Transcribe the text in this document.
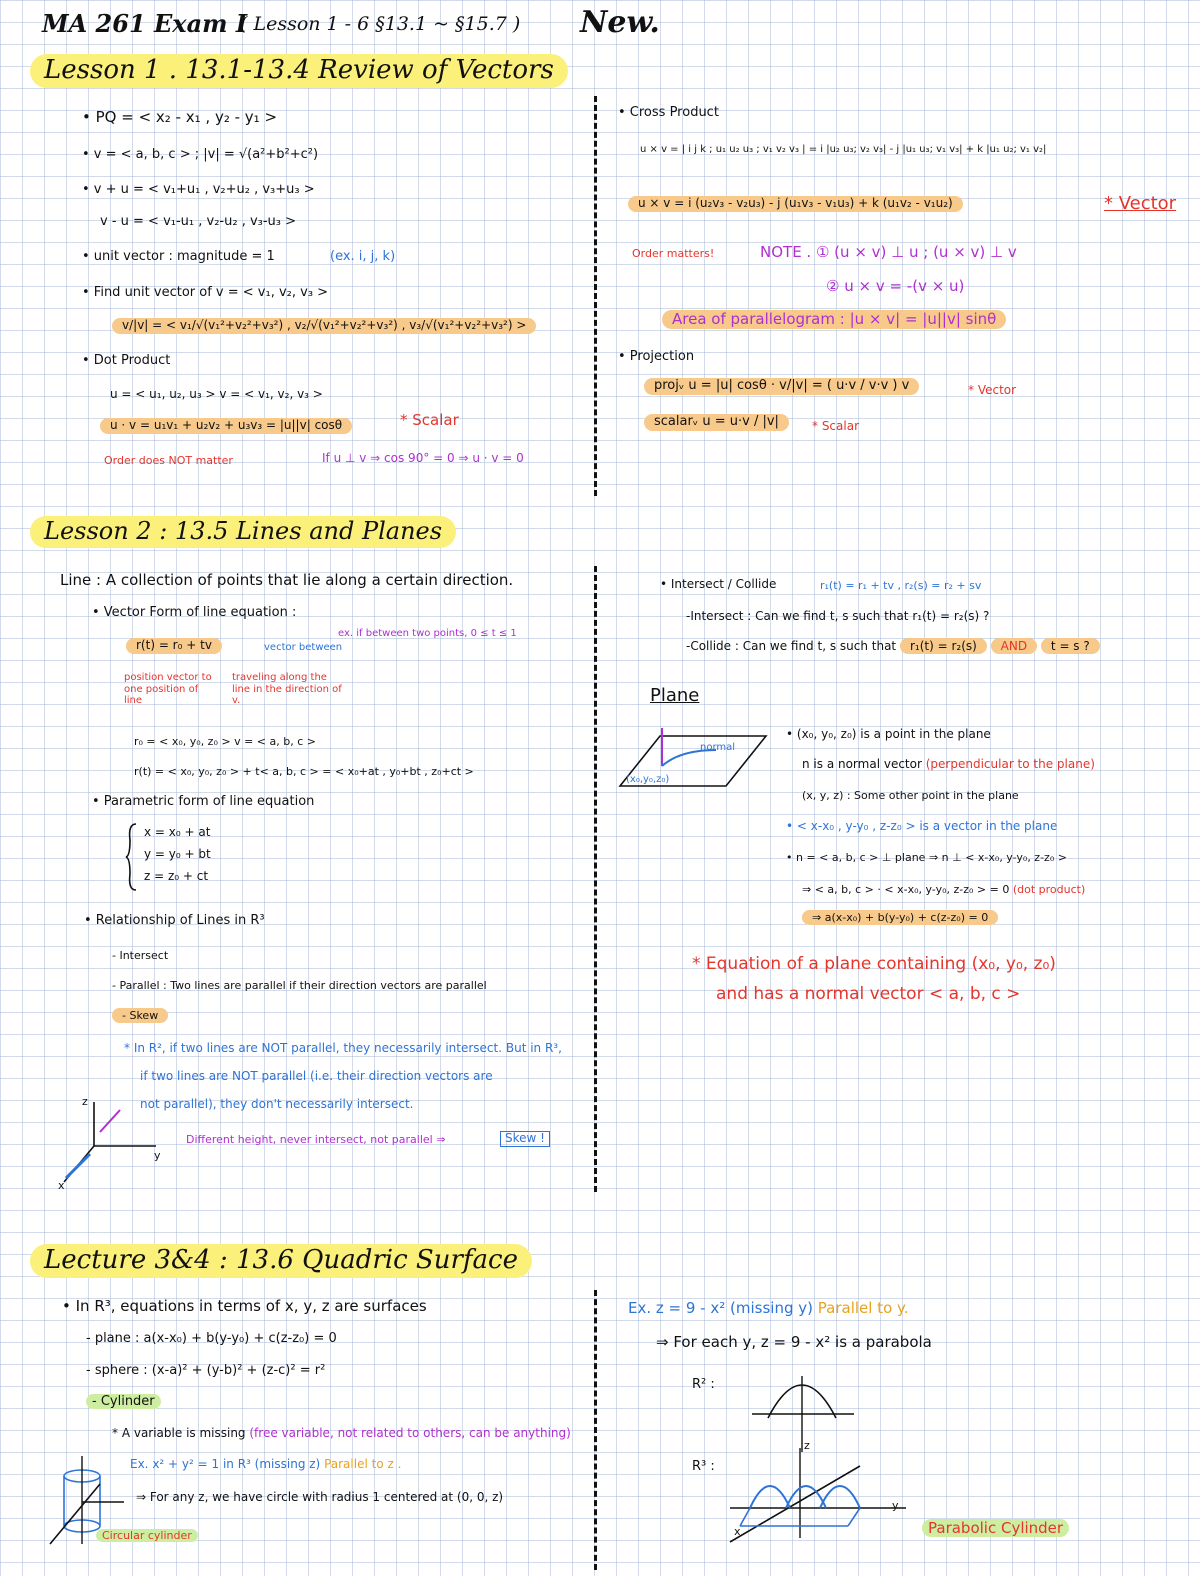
MA 261 Exam I
( Lesson 1 - 6 §13.1 ~ §15.7 ) New.
Lesson 1 . 13.1-13.4 Review of Vectors
• PQ = < x₂ - x₁ , y₂ - y₁ >
• v = < a, b, c > ; |v| = √(a²+b²+c²)
• v + u = < v₁+u₁ , v₂+u₂ , v₃+u₃ >
v - u = < v₁-u₁ , v₂-u₂ , v₃-u₃ >
• unit vector : magnitude = 1	(ex. i, j, k)
• Find unit vector of v = < v₁, v₂, v₃ >
v/|v| = < v₁/√(v₁²+v₂²+v₃²) , v₂/√(v₁²+v₂²+v₃²) , v₃/√(v₁²+v₂²+v₃²) >
• Dot Product
u = < u₁, u₂, u₃ > v = < v₁, v₂, v₃ >
u · v = u₁v₁ + u₂v₂ + u₃v₃ = |u||v| cosθ	* Scalar
Order does NOT matter	If u ⊥ v ⇒ cos 90° = 0 ⇒ u · v = 0
• Cross Product
u × v = | i j k ; u₁ u₂ u₃ ; v₁ v₂ v₃ | = i |u₂ u₃; v₂ v₃| - j |u₁ u₃; v₁ v₃| + k |u₁ u₂; v₁ v₂|
u × v = i (u₂v₃ - v₂u₃) - j (u₁v₃ - v₁u₃) + k (u₁v₂ - v₁u₂)	* Vector
Order matters!	NOTE . ① (u × v) ⊥ u ; (u × v) ⊥ v
② u × v = -(v × u)
Area of parallelogram : |u × v| = |u||v| sinθ
• Projection
projᵥ u = |u| cosθ · v/|v| = ( u·v / v·v ) v	* Vector
scalarᵥ u = u·v / |v|	* Scalar
Lesson 2 : 13.5 Lines and Planes
Line : A collection of points that lie along a certain direction.
• Vector Form of line equation :
r(t) = r₀ + tv	vector between
ex. if between two points, 0 ≤ t ≤ 1
position vector to one position of line
traveling along the line in the direction of v.
r₀ = < x₀, y₀, z₀ > v = < a, b, c >
r(t) = < x₀, y₀, z₀ > + t< a, b, c > = < x₀+at , y₀+bt , z₀+ct >
• Parametric form of line equation
x = x₀ + at
y = y₀ + bt
z = z₀ + ct
• Relationship of Lines in R³
- Intersect
- Parallel : Two lines are parallel if their direction vectors are parallel
- Skew
* In R², if two lines are NOT parallel, they necessarily intersect. But in R³,
if two lines are NOT parallel (i.e. their direction vectors are
not parallel), they don't necessarily intersect.
Different height, never intersect, not parallel ⇒	Skew !
z
y
x
• Intersect / Collide	r₁(t) = r₁ + tv , r₂(s) = r₂ + sv
-Intersect : Can we find t, s such that r₁(t) = r₂(s) ?
-Collide : Can we find t, s such that r₁(t) = r₂(s) AND t = s ?
Plane
normal
(x₀,y₀,z₀)
• (x₀, y₀, z₀) is a point in the plane
n is a normal vector (perpendicular to the plane)
(x, y, z) : Some other point in the plane
• < x-x₀ , y-y₀ , z-z₀ > is a vector in the plane
• n = < a, b, c > ⊥ plane ⇒ n ⊥ < x-x₀, y-y₀, z-z₀ >
⇒ < a, b, c > · < x-x₀, y-y₀, z-z₀ > = 0 (dot product)
⇒ a(x-x₀) + b(y-y₀) + c(z-z₀) = 0
* Equation of a plane containing (x₀, y₀, z₀)
and has a normal vector < a, b, c >
Lecture 3&4 : 13.6 Quadric Surface
• In R³, equations in terms of x, y, z are surfaces
- plane : a(x-x₀) + b(y-y₀) + c(z-z₀) = 0
- sphere : (x-a)² + (y-b)² + (z-c)² = r²
- Cylinder
* A variable is missing (free variable, not related to others, can be anything)
Ex. x² + y² = 1 in R³ (missing z) Parallel to z .
⇒ For any z, we have circle with radius 1 centered at (0, 0, z)
Circular cylinder
Ex. z = 9 - x² (missing y) Parallel to y.
⇒ For each y, z = 9 - x² is a parabola
R² :
R³ :
y
x
z
Parabolic Cylinder
